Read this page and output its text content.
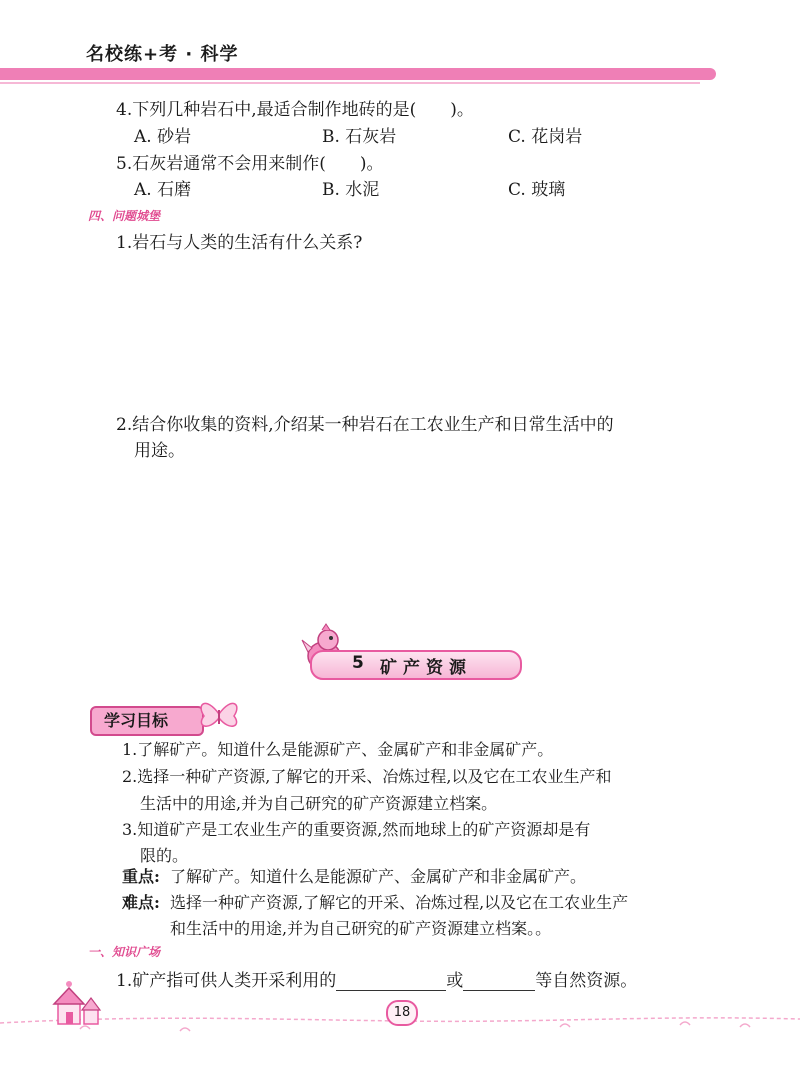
名校练+考 · 科学
4.下列几种岩石中,最适合制作地砖的是(　　)。
A. 砂岩	B. 石灰岩	C. 花岗岩
5.石灰岩通常不会用来制作(　　)。
A. 石磨	B. 水泥	C. 玻璃
四、问题城堡
1.岩石与人类的生活有什么关系?
2.结合你收集的资料,介绍某一种岩石在工农业生产和日常生活中的
用途。
5 矿产资源
学习目标
1.了解矿产。知道什么是能源矿产、金属矿产和非金属矿产。
2.选择一种矿产资源,了解它的开采、冶炼过程,以及它在工农业生产和
生活中的用途,并为自己研究的矿产资源建立档案。
3.知道矿产是工农业生产的重要资源,然而地球上的矿产资源却是有
限的。
重点: 了解矿产。知道什么是能源矿产、金属矿产和非金属矿产。
难点: 选择一种矿产资源,了解它的开采、冶炼过程,以及它在工农业生产
和生活中的用途,并为自己研究的矿产资源建立档案。。
一、知识广场
1.矿产指可供人类开采利用的	或	等自然资源。
18
